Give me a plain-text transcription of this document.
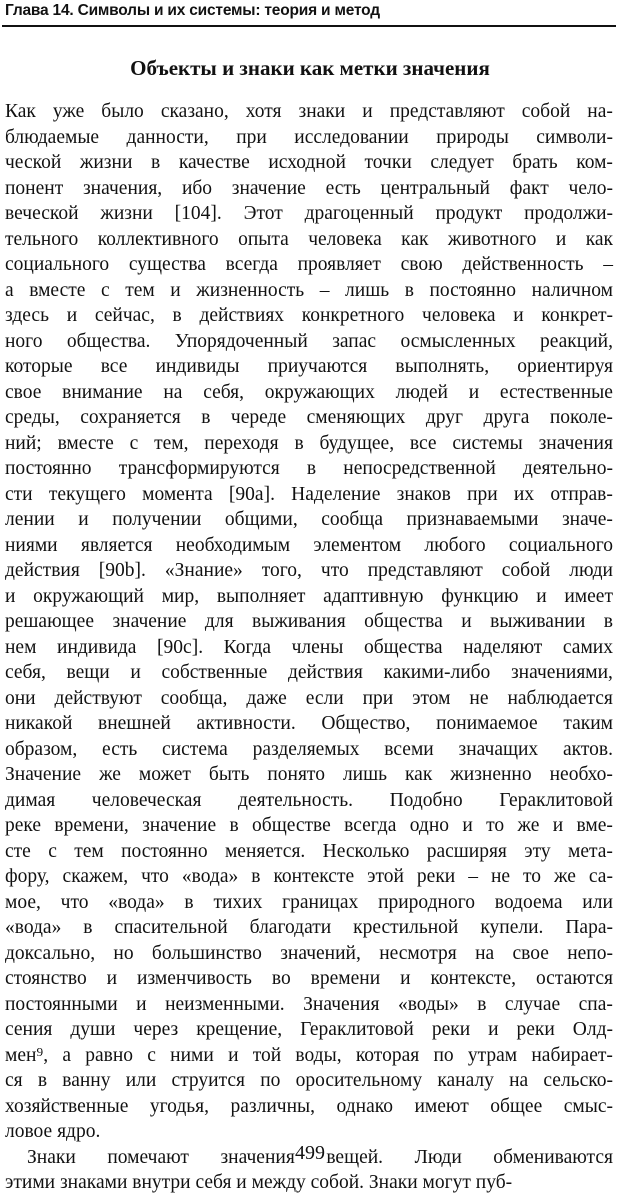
Глава 14. Символы и их системы: теория и метод
Объекты и знаки как метки значения
Как уже было сказано, хотя знаки и представляют собой на-
блюдаемые данности, при исследовании природы символи-
ческой жизни в качестве исходной точки следует брать ком-
понент значения, ибо значение есть центральный факт чело-
веческой жизни [104]. Этот драгоценный продукт продолжи-
тельного коллективного опыта человека как животного и как
социального существа всегда проявляет свою действенность –
а вместе с тем и жизненность – лишь в постоянно наличном
здесь и сейчас, в действиях конкретного человека и конкрет-
ного общества. Упорядоченный запас осмысленных реакций,
которые все индивиды приучаются выполнять, ориентируя
свое внимание на себя, окружающих людей и естественные
среды, сохраняется в череде сменяющих друг друга поколе-
ний; вместе с тем, переходя в будущее, все системы значения
постоянно трансформируются в непосредственной деятельно-
сти текущего момента [90a]. Наделение знаков при их отправ-
лении и получении общими, сообща признаваемыми значе-
ниями является необходимым элементом любого социального
действия [90b]. «Знание» того, что представляют собой люди
и окружающий мир, выполняет адаптивную функцию и имеет
решающее значение для выживания общества и выживании в
нем индивида [90c]. Когда члены общества наделяют самих
себя, вещи и собственные действия какими-либо значениями,
они действуют сообща, даже если при этом не наблюдается
никакой внешней активности. Общество, понимаемое таким
образом, есть система разделяемых всеми значащих актов.
Значение же может быть понято лишь как жизненно необхо-
димая человеческая деятельность. Подобно Гераклитовой
реке времени, значение в обществе всегда одно и то же и вме-
сте с тем постоянно меняется. Несколько расширяя эту мета-
фору, скажем, что «вода» в контексте этой реки – не то же са-
мое, что «вода» в тихих границах природного водоема или
«вода» в спасительной благодати крестильной купели. Пара-
доксально, но большинство значений, несмотря на свое непо-
стоянство и изменчивость во времени и контексте, остаются
постоянными и неизменными. Значения «воды» в случае спа-
сения души через крещение, Гераклитовой реки и реки Олд-
мен⁹, а равно с ними и той воды, которая по утрам набирает-
ся в ванну или струится по оросительному каналу на сельско-
хозяйственные угодья, различны, однако имеют общее смыс-
ловое ядро.
Знаки помечают значения вещей. Люди обмениваются
этими знаками внутри себя и между собой. Знаки могут пуб-
499
